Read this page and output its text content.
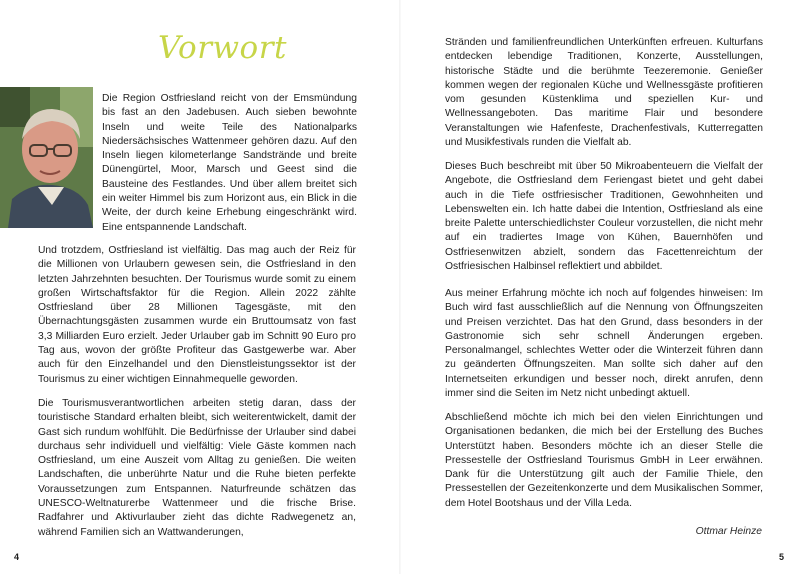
Vorwort

Die Region Ostfriesland reicht von der Emsmündung bis fast an den Jadebusen. Auch sieben bewohnte Inseln und weite Teile des Nationalparks Niedersächsisches Wattenmeer gehören dazu. Auf den Inseln liegen kilometerlange Sandstrände und breite Dünengürtel, Moor, Marsch und Geest sind die Bausteine des Festlandes. Und über allem breitet sich ein weiter Himmel bis zum Horizont aus, ein Blick in die Weite, der durch keine Erhebung eingeschränkt wird. Eine entspannende Landschaft.

Und trotzdem, Ostfriesland ist vielfältig. Das mag auch der Reiz für die Millionen von Urlaubern gewesen sein, die Ostfriesland in den letzten Jahrzehnten besuchten. Der Tourismus wurde somit zu einem großen Wirtschaftsfaktor für die Region. Allein 2022 zählte Ostfriesland über 28 Millionen Tagesgäste, mit den Übernachtungsgästen zusammen wurde ein Bruttoumsatz von fast 3,3 Milliarden Euro erzielt. Jeder Urlauber gab im Schnitt 90 Euro pro Tag aus, wovon der größte Profiteur das Gastgewerbe war. Aber auch für den Einzelhandel und den Dienstleistungssektor ist der Tourismus zu einer wichtigen Einnahmequelle geworden.

Die Tourismusverantwortlichen arbeiten stetig daran, dass der touristische Standard erhalten bleibt, sich weiterentwickelt, damit der Gast sich rundum wohlfühlt. Die Bedürfnisse der Urlauber sind dabei durchaus sehr individuell und vielfältig: Viele Gäste kommen nach Ostfriesland, um eine Auszeit vom Alltag zu genießen. Die weiten Landschaften, die unberührte Natur und die Ruhe bieten perfekte Voraussetzungen zum Entspannen. Naturfreunde schätzen das UNESCO-Weltnaturerbe Wattenmeer und die frische Brise. Radfahrer und Aktivurlauber zieht das dichte Radwegenetz an, während Familien sich an Wattwanderungen,

4

Stränden und familienfreundlichen Unterkünften erfreuen. Kulturfans entdecken lebendige Traditionen, Konzerte, Ausstellungen, historische Städte und die berühmte Teezeremonie. Genießer kommen wegen der regionalen Küche und Wellnessgäste profitieren vom gesunden Küstenklima und speziellen Kur- und Wellnessangeboten. Das maritime Flair und besondere Veranstaltungen wie Hafenfeste, Drachenfestivals, Kutterregatten und Musikfestivals runden die Vielfalt ab.

Dieses Buch beschreibt mit über 50 Mikroabenteuern die Vielfalt der Angebote, die Ostfriesland dem Feriengast bietet und geht dabei auch in die Tiefe ostfriesischer Traditionen, Gewohnheiten und Lebenswelten ein. Ich hatte dabei die Intention, Ostfriesland als eine breite Palette unterschiedlichster Couleur vorzustellen, die nicht mehr auf ein tradiertes Image von Kühen, Bauernhöfen und Ostfriesenwitzen abzielt, sondern das Facettenreichtum der Ostfriesischen Halbinsel reflektiert und abbildet.

Aus meiner Erfahrung möchte ich noch auf folgendes hinweisen: Im Buch wird fast ausschließlich auf die Nennung von Öffnungszeiten und Preisen verzichtet. Das hat den Grund, dass besonders in der Gastronomie sich sehr schnell Änderungen ergeben. Personalmangel, schlechtes Wetter oder die Winterzeit führen dann zu geänderten Öffnungszeiten. Man sollte sich daher auf den Internetseiten erkundigen und besser noch, direkt anrufen, denn immer sind die Seiten im Netz nicht unbedingt aktuell.

Abschließend möchte ich mich bei den vielen Einrichtungen und Organisationen bedanken, die mich bei der Erstellung des Buches Unterstützt haben. Besonders möchte ich an dieser Stelle die Pressestelle der Ostfriesland Tourismus GmbH in Leer erwähnen. Dank für die Unterstützung gilt auch der Familie Thiele, den Pressestellen der Gezeitenkonzerte und dem Musikalischen Sommer, dem Hotel Bootshaus und der Villa Leda.

Ottmar Heinze
5
